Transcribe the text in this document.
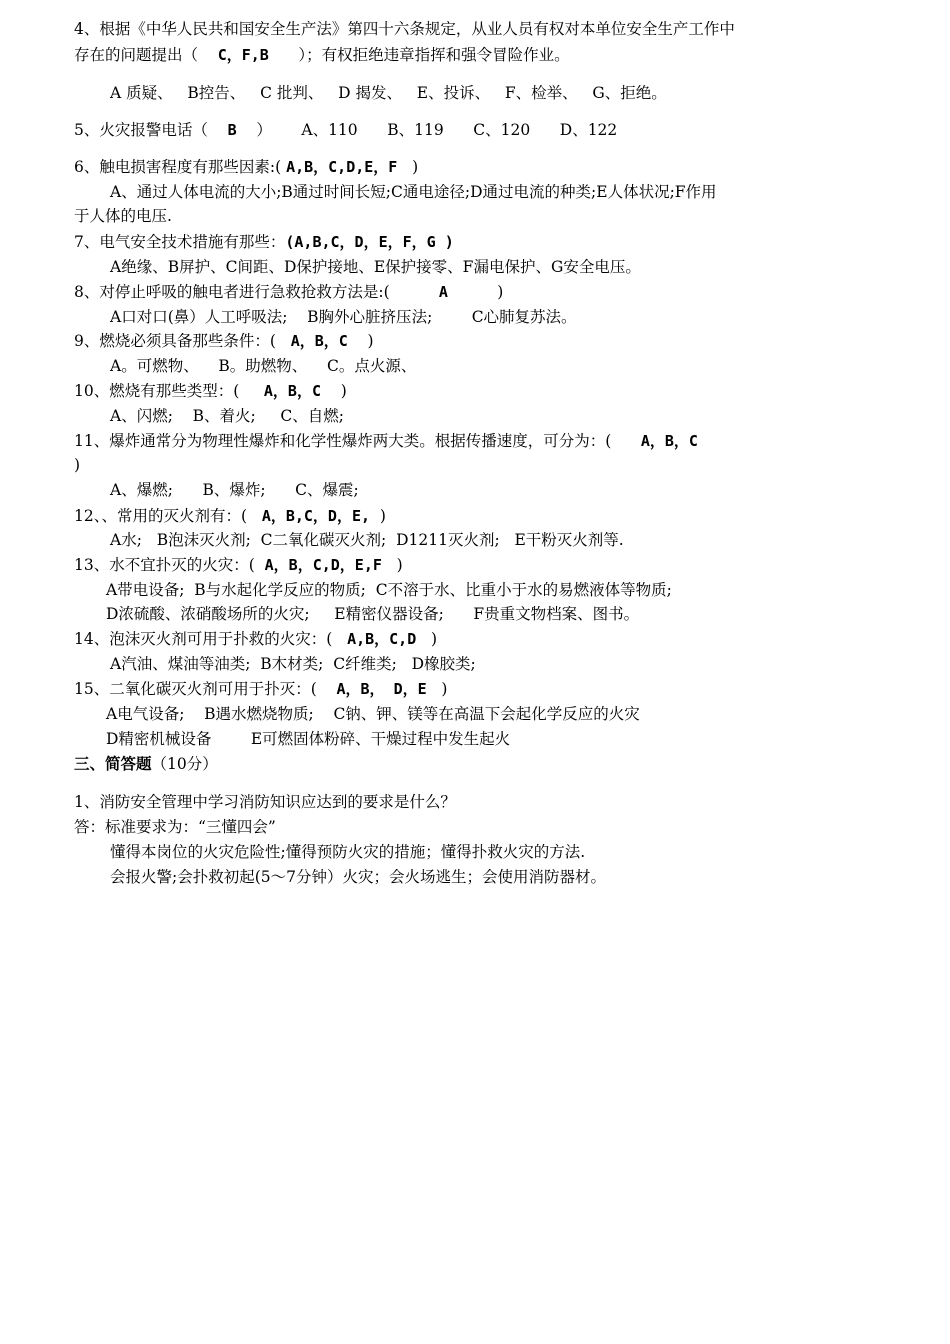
4、根据《中华人民共和国安全生产法》第四十六条规定，从业人员有权对本单位安全生产工作中
存在的问题提出（    C，F,B      ）；有权拒绝违章指挥和强令冒险作业。
A 质疑、   B控告、   C 批判、   D 揭发、   E、投诉、   F、检举、   G、拒绝。
5、火灾报警电话（    B    ）      A、110      B、119      C、120      D、122
6、触电损害程度有那些因素:( A,B，C,D,E，F   )
A、通过人体电流的大小;B通过时间长短;C通电途径;D通过电流的种类;E人体状况;F作用
于人体的电压.
7、电气安全技术措施有那些：(A,B,C，D，E，F，G )
A绝缘、B屏护、C间距、D保护接地、E保护接零、F漏电保护、G安全电压。
8、对停止呼吸的触电者进行急救抢救方法是:(          A          )
A口对口(鼻）人工呼吸法;    B胸外心脏挤压法;        C心肺复苏法。
9、燃烧必须具备那些条件：(   A，B，C    )
A。可燃物、    B。助燃物、    C。点火源、
10、燃烧有那些类型：(     A，B，C    )
A、闪燃;    B、着火;     C、自燃;
11、爆炸通常分为物理性爆炸和化学性爆炸两大类。根据传播速度，可分为：(      A，B，C
)
A、爆燃;      B、爆炸;      C、爆震;
12、、常用的灭火剂有：(   A，B,C，D，E,  )
A水;   B泡沫灭火剂;  C二氧化碳灭火剂;  D1211灭火剂;   E干粉灭火剂等.
13、水不宜扑灭的火灾：(  A，B，C,D，E,F   )
A带电设备;  B与水起化学反应的物质;  C不溶于水、比重小于水的易燃液体等物质;
D浓硫酸、浓硝酸场所的火灾;     E精密仪器设备;      F贵重文物档案、图书。
14、泡沫灭火剂可用于扑救的火灾：(   A,B，C,D   )
A汽油、煤油等油类;  B木材类;  C纤维类;   D橡胶类;
15、二氧化碳灭火剂可用于扑灭：(    A，B， D，E   )
A电气设备;    B遇水燃烧物质;    C钠、钾、镁等在高温下会起化学反应的火灾
D精密机械设备        E可燃固体粉碎、干燥过程中发生起火
三、简答题（10分）
1、消防安全管理中学习消防知识应达到的要求是什么？
答：标准要求为：“三懂四会”
懂得本岗位的火灾危险性;懂得预防火灾的措施；懂得扑救火灾的方法.
会报火警;会扑救初起(5～7分钟）火灾；会火场逃生；会使用消防器材。
